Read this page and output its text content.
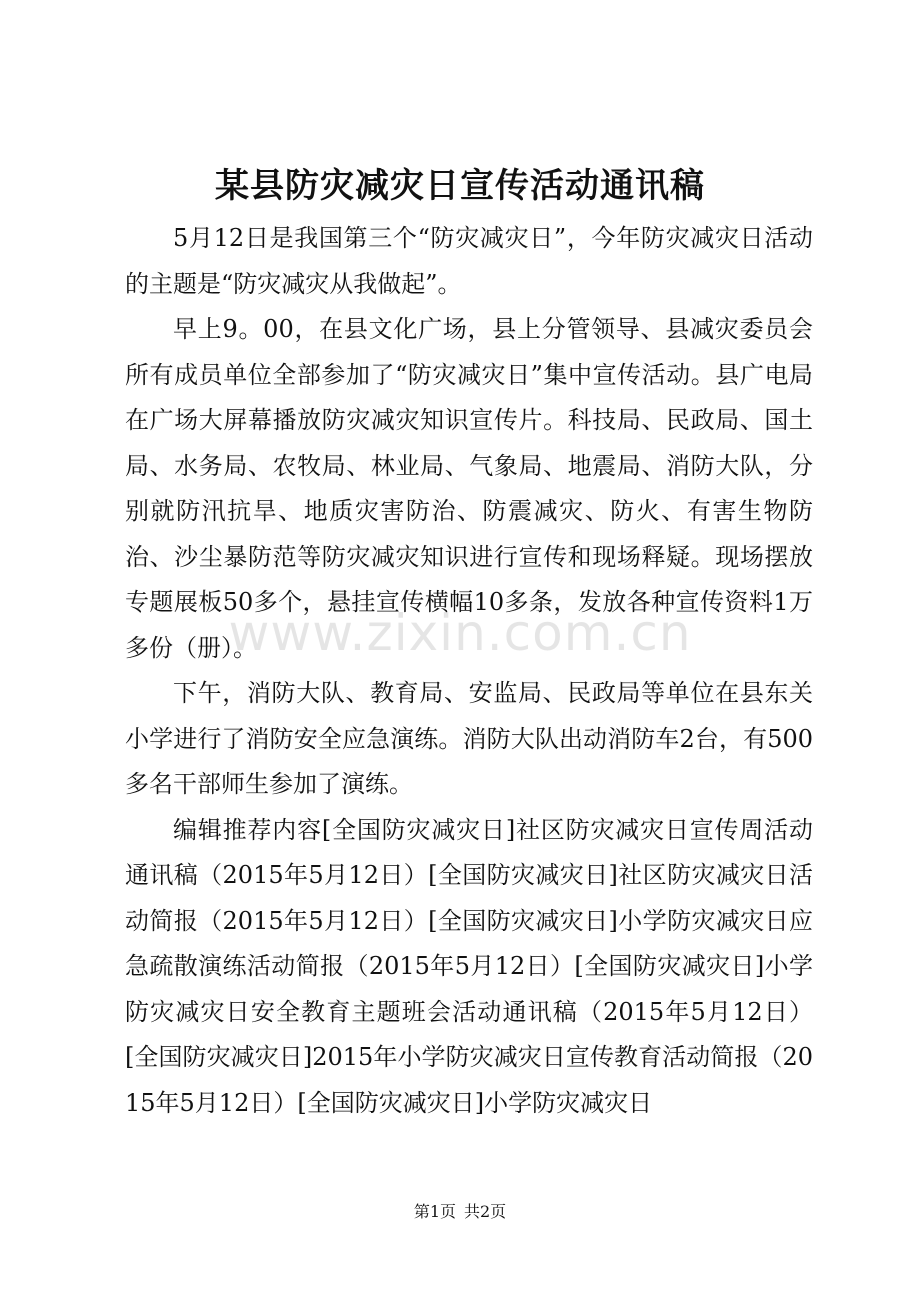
某县防灾减灾日宣传活动通讯稿

5月12日是我国第三个“防灾减灾日”，今年防灾减灾日活动的主题是“防灾减灾从我做起”。

早上9。00，在县文化广场，县上分管领导、县减灾委员会所有成员单位全部参加了“防灾减灾日”集中宣传活动。县广电局在广场大屏幕播放防灾减灾知识宣传片。科技局、民政局、国土局、水务局、农牧局、林业局、气象局、地震局、消防大队，分别就防汛抗旱、地质灾害防治、防震减灾、防火、有害生物防治、沙尘暴防范等防灾减灾知识进行宣传和现场释疑。现场摆放专题展板50多个，悬挂宣传横幅10多条，发放各种宣传资料1万多份（册）。

下午，消防大队、教育局、安监局、民政局等单位在县东关小学进行了消防安全应急演练。消防大队出动消防车2台，有500多名干部师生参加了演练。

编辑推荐内容[全国防灾减灾日]社区防灾减灾日宣传周活动通讯稿（2015年5月12日）[全国防灾减灾日]社区防灾减灾日活动简报（2015年5月12日）[全国防灾减灾日]小学防灾减灾日应急疏散演练活动简报（2015年5月12日）[全国防灾减灾日]小学防灾减灾日安全教育主题班会活动通讯稿（2015年5月12日）[全国防灾减灾日]2015年小学防灾减灾日宣传教育活动简报（2015年5月12日）[全国防灾减灾日]小学防灾减灾日

www.zixin.com.cn
第1页 共2页
